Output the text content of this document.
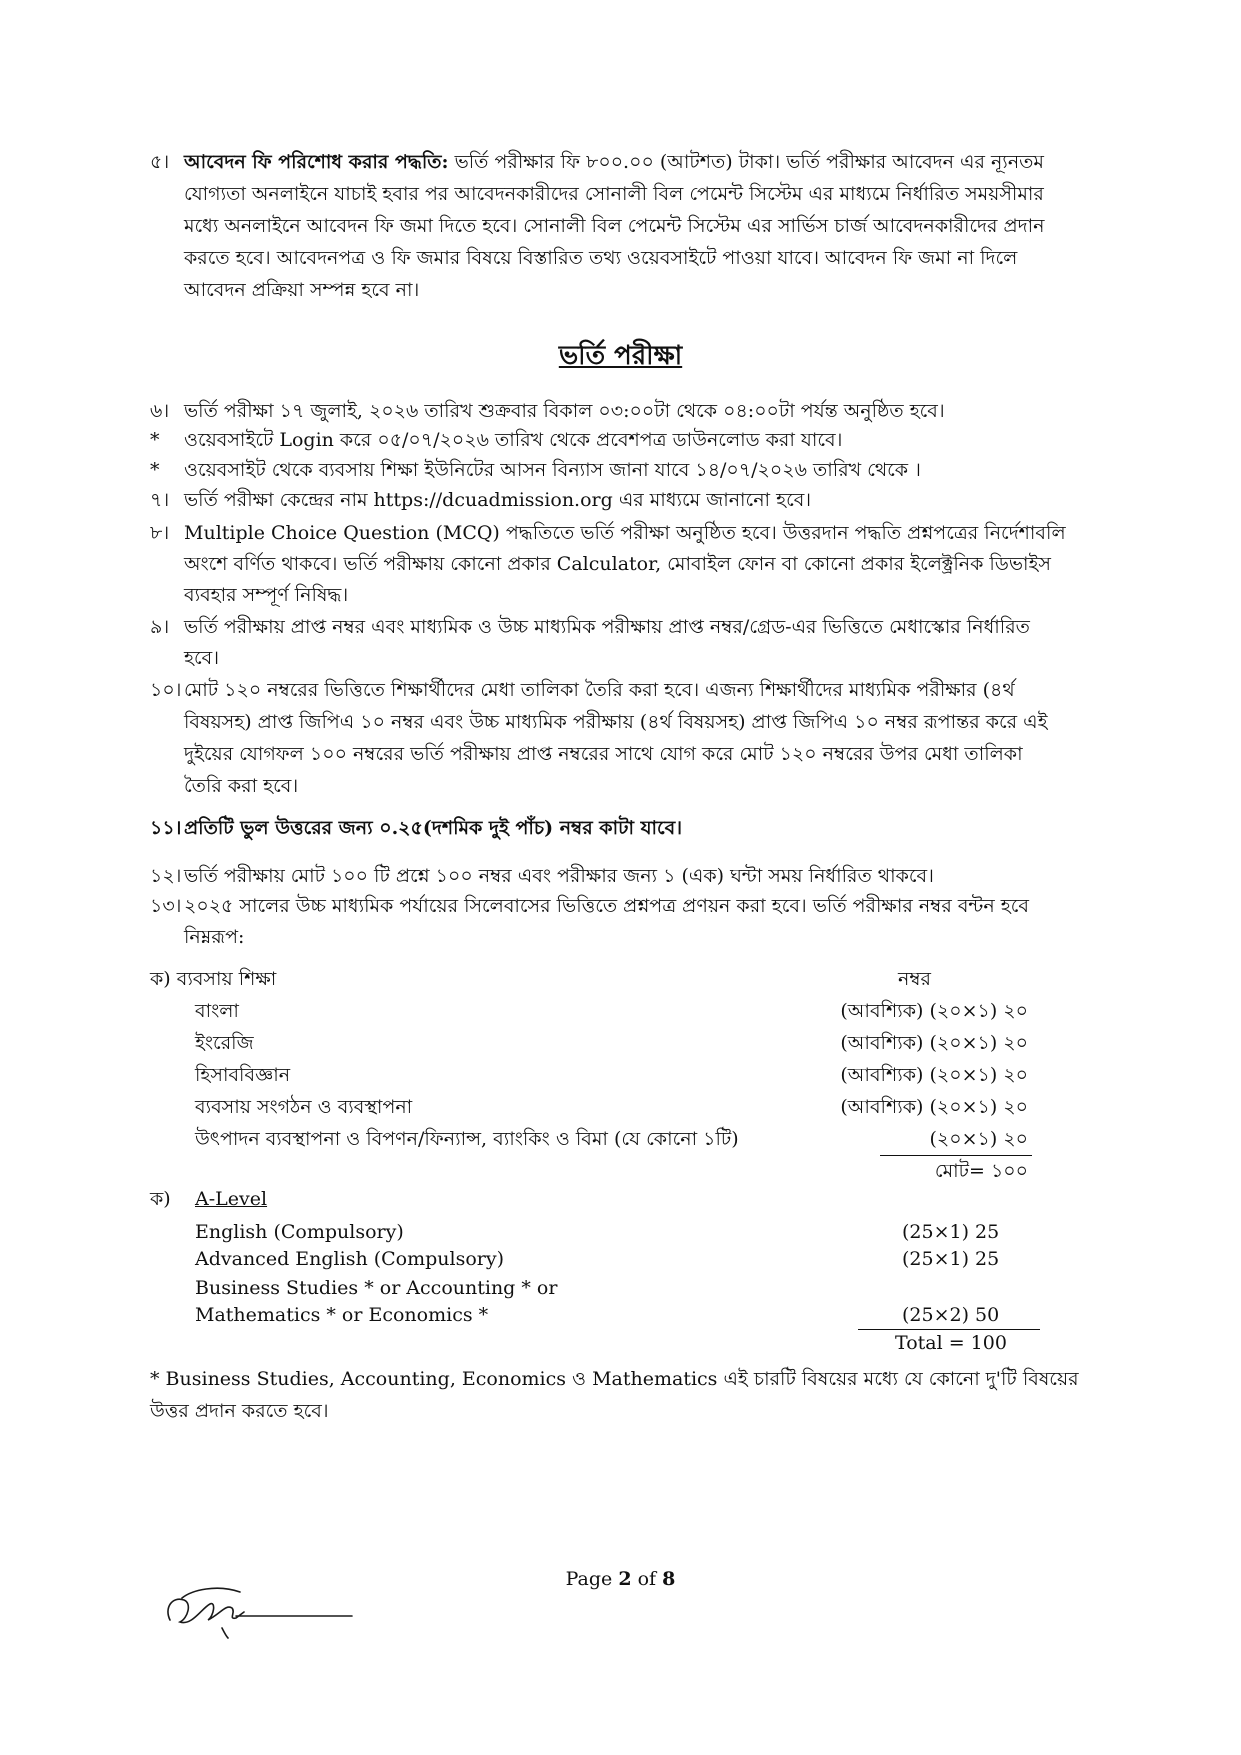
৫। আবেদন ফি পরিশোধ করার পদ্ধতি: ভর্তি পরীক্ষার ফি ৮০০.০০ (আটশত) টাকা। ভর্তি পরীক্ষার আবেদন এর ন্যূনতম
যোগ্যতা অনলাইনে যাচাই হবার পর আবেদনকারীদের সোনালী বিল পেমেন্ট সিস্টেম এর মাধ্যমে নির্ধারিত সময়সীমার
মধ্যে অনলাইনে আবেদন ফি জমা দিতে হবে। সোনালী বিল পেমেন্ট সিস্টেম এর সার্ভিস চার্জ আবেদনকারীদের প্রদান
করতে হবে। আবেদনপত্র ও ফি জমার বিষয়ে বিস্তারিত তথ্য ওয়েবসাইটে পাওয়া যাবে। আবেদন ফি জমা না দিলে
আবেদন প্রক্রিয়া সম্পন্ন হবে না।
ভর্তি পরীক্ষা
৬। ভর্তি পরীক্ষা ১৭ জুলাই, ২০২৬ তারিখ শুক্রবার বিকাল ০৩:০০টা থেকে ০৪:০০টা পর্যন্ত অনুষ্ঠিত হবে।
*	ওয়েবসাইটে Login করে ০৫/০৭/২০২৬ তারিখ থেকে প্রবেশপত্র ডাউনলোড করা যাবে।
*	ওয়েবসাইট থেকে ব্যবসায় শিক্ষা ইউনিটের আসন বিন্যাস জানা যাবে ১৪/০৭/২০২৬ তারিখ থেকে ।
৭। ভর্তি পরীক্ষা কেন্দ্রের নাম https://dcuadmission.org এর মাধ্যমে জানানো হবে।
৮। Multiple Choice Question (MCQ) পদ্ধতিতে ভর্তি পরীক্ষা অনুষ্ঠিত হবে। উত্তরদান পদ্ধতি প্রশ্নপত্রের নির্দেশাবলি
অংশে বর্ণিত থাকবে। ভর্তি পরীক্ষায় কোনো প্রকার Calculator, মোবাইল ফোন বা কোনো প্রকার ইলেক্ট্রনিক ডিভাইস
ব্যবহার সম্পূর্ণ নিষিদ্ধ।
৯। ভর্তি পরীক্ষায় প্রাপ্ত নম্বর এবং মাধ্যমিক ও উচ্চ মাধ্যমিক পরীক্ষায় প্রাপ্ত নম্বর/গ্রেড-এর ভিত্তিতে মেধাস্কোর নির্ধারিত
হবে।
১০। মোট ১২০ নম্বরের ভিত্তিতে শিক্ষার্থীদের মেধা তালিকা তৈরি করা হবে। এজন্য শিক্ষার্থীদের মাধ্যমিক পরীক্ষার (৪র্থ
বিষয়সহ) প্রাপ্ত জিপিএ ১০ নম্বর এবং উচ্চ মাধ্যমিক পরীক্ষায় (৪র্থ বিষয়সহ) প্রাপ্ত জিপিএ ১০ নম্বর রূপান্তর করে এই
দুইয়ের যোগফল ১০০ নম্বরের ভর্তি পরীক্ষায় প্রাপ্ত নম্বরের সাথে যোগ করে মোট ১২০ নম্বরের উপর মেধা তালিকা
তৈরি করা হবে।
১১। প্রতিটি ভুল উত্তরের জন্য ০.২৫(দশমিক দুই পাঁচ) নম্বর কাটা যাবে।
১২। ভর্তি পরীক্ষায় মোট ১০০ টি প্রশ্নে ১০০ নম্বর এবং পরীক্ষার জন্য ১ (এক) ঘন্টা সময় নির্ধারিত থাকবে।
১৩। ২০২৫ সালের উচ্চ মাধ্যমিক পর্যায়ের সিলেবাসের ভিত্তিতে প্রশ্নপত্র প্রণয়ন করা হবে। ভর্তি পরীক্ষার নম্বর বন্টন হবে
নিম্নরূপ:
ক) ব্যবসায় শিক্ষা	নম্বর
বাংলা	(আবশ্যিক) (২০×১) ২০
ইংরেজি	(আবশ্যিক) (২০×১) ২০
হিসাববিজ্ঞান	(আবশ্যিক) (২০×১) ২০
ব্যবসায় সংগঠন ও ব্যবস্থাপনা	(আবশ্যিক) (২০×১) ২০
উৎপাদন ব্যবস্থাপনা ও বিপণন/ফিন্যান্স, ব্যাংকিং ও বিমা (যে কোনো ১টি)	(২০×১) ২০
মোট= ১০০
ক) A-Level
English (Compulsory)	(25×1) 25
Advanced English (Compulsory)	(25×1) 25
Business Studies * or Accounting * or
Mathematics * or Economics *	(25×2) 50
Total = 100
* Business Studies, Accounting, Economics ও Mathematics এই চারটি বিষয়ের মধ্যে যে কোনো দু'টি বিষয়ের
উত্তর প্রদান করতে হবে।
Page 2 of 8
